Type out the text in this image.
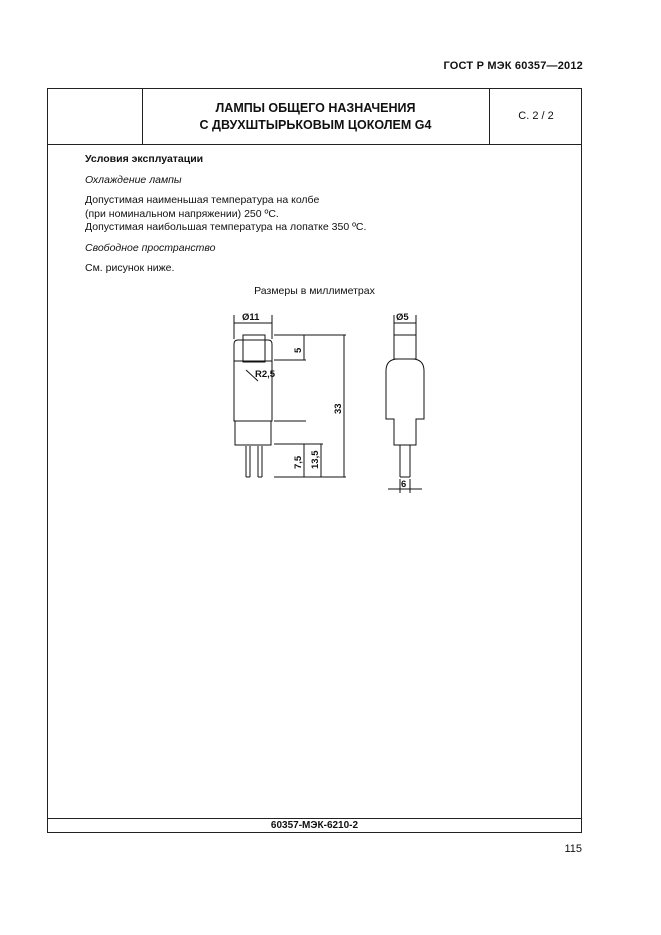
ГОСТ Р МЭК 60357—2012
ЛАМПЫ ОБЩЕГО НАЗНАЧЕНИЯ
С ДВУХШТЫРЬКОВЫМ ЦОКОЛЕМ G4
С. 2 / 2

Условия эксплуатации

Охлаждение лампы

Допустимая наименьшая температура на колбе

(при номинальном напряжении) 250 ºC.

Допустимая наибольшая температура на лопатке 350 ºC.

Свободное пространство

См. рисунок ниже.

Размеры в миллиметрах
Ø11	Ø5
R2,5
5
33
13,5
7,5
6
60357-МЭК-6210-2
115
